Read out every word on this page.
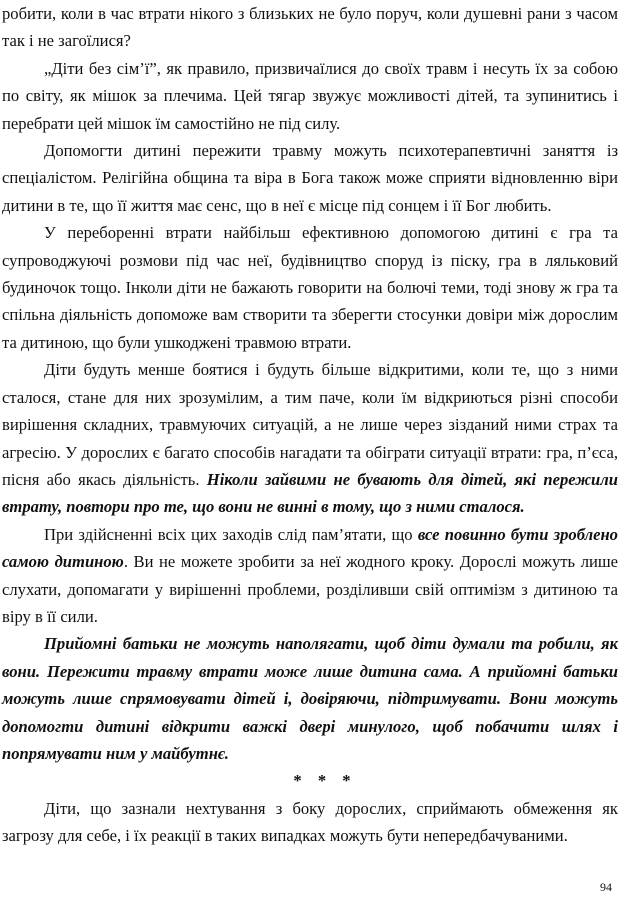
робити, коли в час втрати нікого з близьких не було поруч, коли душевні рани з часом так і не загоїлися?

„Діти без сім’ї”, як правило, призвичаїлися до своїх травм і несуть їх за собою по світу, як мішок за плечима. Цей тягар звужує можливості дітей, та зупинитись і перебрати цей мішок їм самостійно не під силу.

Допомогти дитині пережити травму можуть психотерапевтичні заняття із спеціалістом. Релігійна община та віра в Бога також може сприяти відновленню віри дитини в те, що її життя має сенс, що в неї є місце під сонцем і її Бог любить.

У переборенні втрати найбільш ефективною допомогою дитині є гра та супроводжуючі розмови під час неї, будівництво споруд із піску, гра в ляльковий будиночок тощо. Інколи діти не бажають говорити на болючі теми, тоді знову ж гра та спільна діяльність допоможе вам створити та зберегти стосунки довіри між дорослим та дитиною, що були ушкоджені травмою втрати.

Діти будуть менше боятися і будуть більше відкритими, коли те, що з ними сталося, стане для них зрозумілим, а тим паче, коли їм відкриються різні способи вирішення складних, травмуючих ситуацій, а не лише через зізданий ними страх та агресію. У дорослих є багато способів нагадати та обіграти ситуації втрати: гра, п’єса, пісня або якась діяльність. Ніколи зайвими не бувають для дітей, які пережили втрату, повтори про те, що вони не винні в тому, що з ними сталося.

При здійсненні всіх цих заходів слід пам’ятати, що все повинно бути зроблено самою дитиною. Ви не можете зробити за неї жодного кроку. Дорослі можуть лише слухати, допомагати у вирішенні проблеми, розділивши свій оптимізм з дитиною та віру в її сили.

Прийомні батьки не можуть наполягати, щоб діти думали та робили, як вони. Пережити травму втрати може лише дитина сама. А прийомні батьки можуть лише спрямовувати дітей і, довіряючи, підтримувати. Вони можуть допомогти дитині відкрити важкі двері минулого, щоб побачити шлях і попрямувати ним у майбутнє.

* * *

Діти, що зазнали нехтування з боку дорослих, сприймають обмеження як загрозу для себе, і їх реакції в таких випадках можуть бути непередбачуваними.

94
